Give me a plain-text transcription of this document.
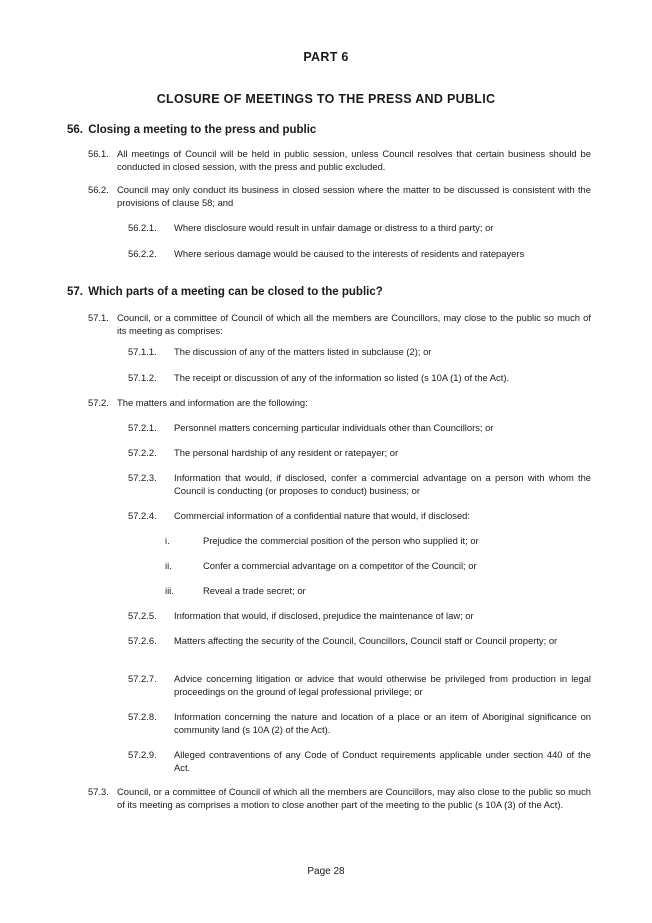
PART 6
CLOSURE OF MEETINGS TO THE PRESS AND PUBLIC
56. Closing a meeting to the press and public
56.1. All meetings of Council will be held in public session, unless Council resolves that certain business should be conducted in closed session, with the press and public excluded.
56.2. Council may only conduct its business in closed session where the matter to be discussed is consistent with the provisions of clause 58; and
56.2.1. Where disclosure would result in unfair damage or distress to a third party; or
56.2.2. Where serious damage would be caused to the interests of residents and ratepayers
57. Which parts of a meeting can be closed to the public?
57.1. Council, or a committee of Council of which all the members are Councillors, may close to the public so much of its meeting as comprises:
57.1.1. The discussion of any of the matters listed in subclause (2); or
57.1.2. The receipt or discussion of any of the information so listed (s 10A (1) of the Act).
57.2. The matters and information are the following:
57.2.1. Personnel matters concerning particular individuals other than Councillors; or
57.2.2. The personal hardship of any resident or ratepayer; or
57.2.3. Information that would, if disclosed, confer a commercial advantage on a person with whom the Council is conducting (or proposes to conduct) business; or
57.2.4. Commercial information of a confidential nature that would, if disclosed:
i.	Prejudice the commercial position of the person who supplied it; or
ii.	Confer a commercial advantage on a competitor of the Council; or
iii.	Reveal a trade secret; or
57.2.5. Information that would, if disclosed, prejudice the maintenance of law; or
57.2.6. Matters affecting the security of the Council, Councillors, Council staff or Council property; or
57.2.7. Advice concerning litigation or advice that would otherwise be privileged from production in legal proceedings on the ground of legal professional privilege; or
57.2.8. Information concerning the nature and location of a place or an item of Aboriginal significance on community land (s 10A (2) of the Act).
57.2.9. Alleged contraventions of any Code of Conduct requirements applicable under section 440 of the Act.
57.3. Council, or a committee of Council of which all the members are Councillors, may also close to the public so much of its meeting as comprises a motion to close another part of the meeting to the public (s 10A (3) of the Act).
Page 28
